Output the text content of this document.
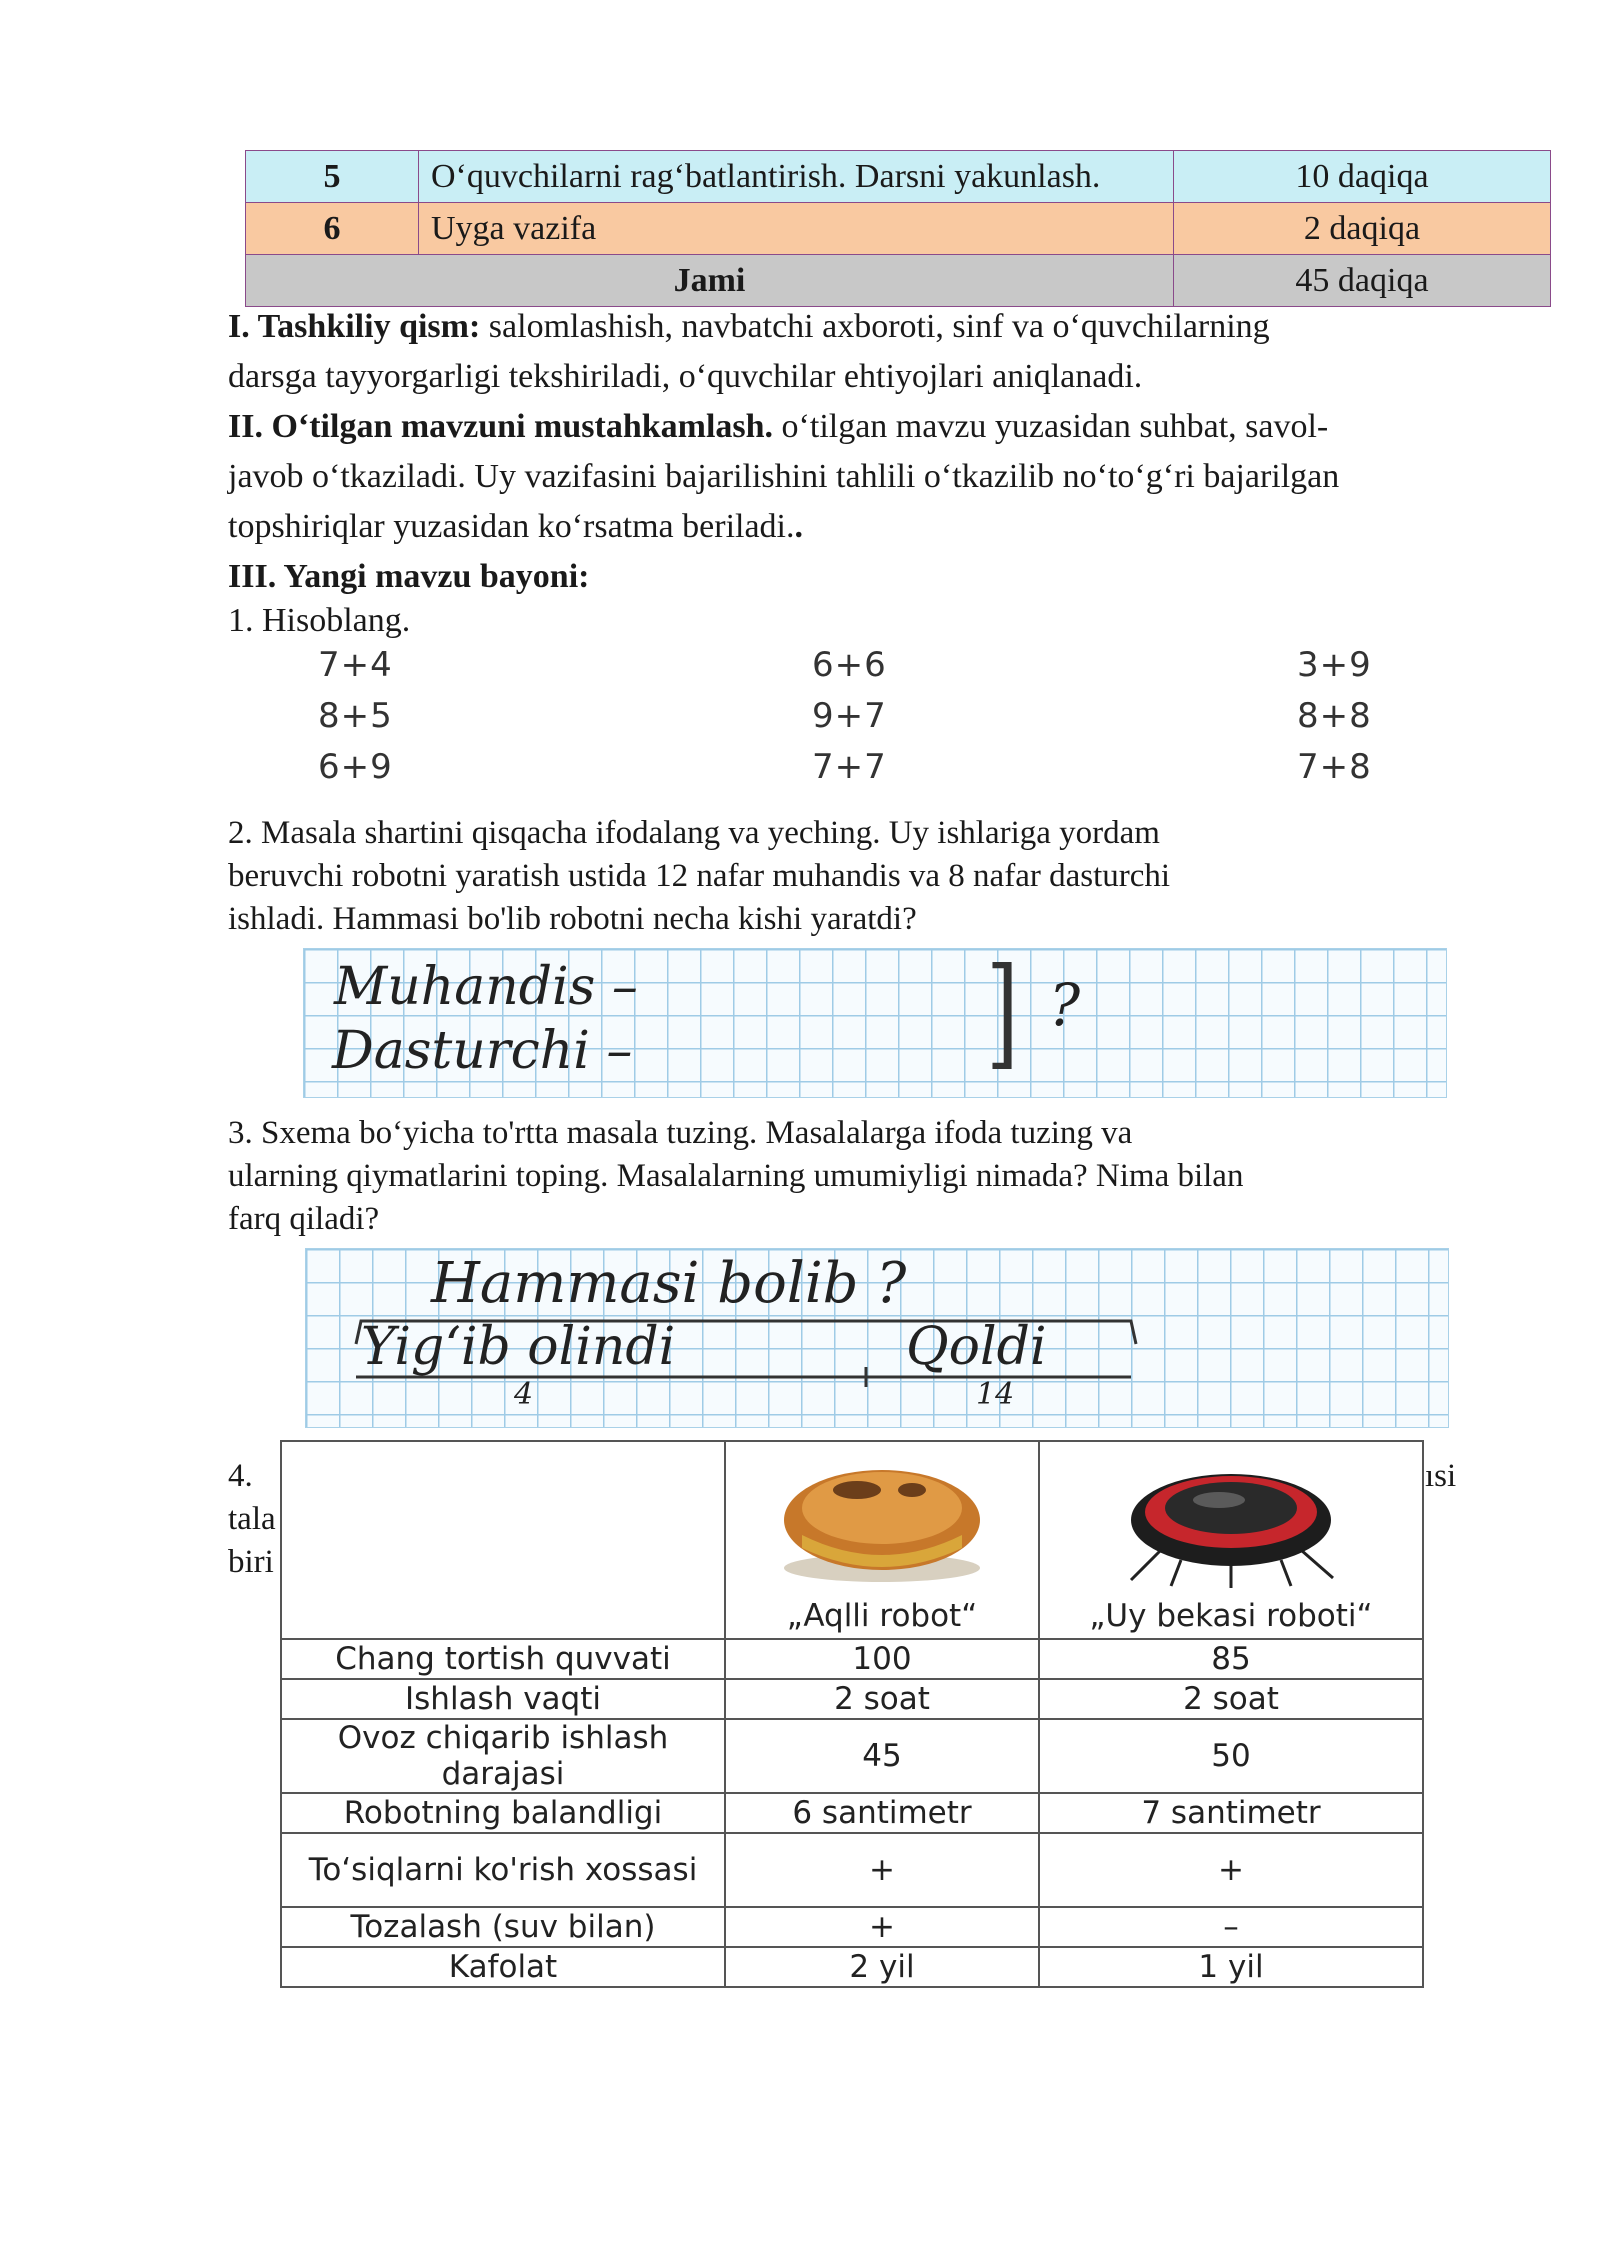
5	O‘quvchilarni rag‘batlantirish. Darsni yakunlash.	10 daqiqa
6	Uyga vazifa	2 daqiqa
Jami		45 daqiqa

I. Tashkiliy qism: salomlashish, navbatchi axboroti, sinf va o‘quvchilarning

darsga tayyorgarligi tekshiriladi, o‘quvchilar ehtiyojlari aniqlanadi.

II. O‘tilgan mavzuni mustahkamlash. o‘tilgan mavzu yuzasidan suhbat, savol-

javob o‘tkaziladi. Uy vazifasini bajarilishini tahlili o‘tkazilib no‘to‘g‘ri bajarilgan

topshiriqlar yuzasidan ko‘rsatma beriladi..

III. Yangi mavzu bayoni:

1. Hisoblang.

7+4	6+6	3+9
8+5	9+7	8+8
6+9	7+7	7+8

2. Masala shartini qisqacha ifodalang va yeching. Uy ishlariga yordam

beruvchi robotni yaratish ustida 12 nafar muhandis va 8 nafar dasturchi

ishladi. Hammasi bo'lib robotni necha kishi yaratdi?

Muhandis –
Dasturchi –	] ?

3. Sxema bo‘yicha to'rtta masala tuzing. Masalalarga ifoda tuzing va

ularning qiymatlarini toping. Masalalarning umumiyligi nimada? Nima bilan

farq qiladi?

Hammasi bolib ?
Yig‘ib olindi	Qoldi
4	14
4.	ısi
tala
biri

	„Aqlli robot“	„Uy bekasi roboti“

Chang tortish quvvati	100	85
Ishlash vaqti	2 soat	2 soat
Ovoz chiqarib ishlash darajasi	45	50
Robotning balandligi	6 santimetr	7 santimetr
To‘siqlarni ko'rish xossasi	+	+
Tozalash (suv bilan)	+	–
Kafolat	2 yil	1 yil
